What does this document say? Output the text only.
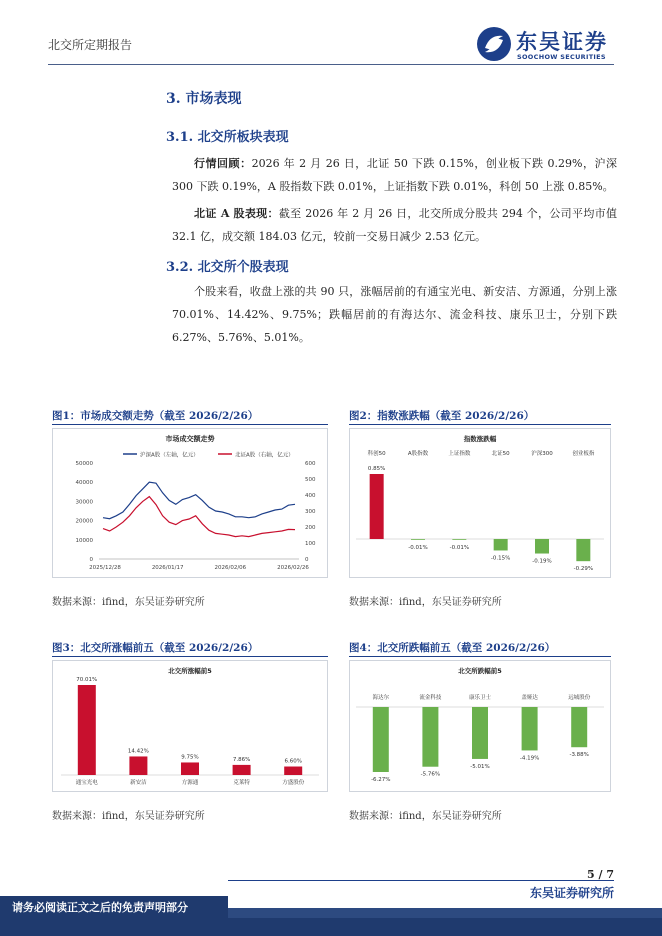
北交所定期报告	东吴证券
SOOCHOW SECURITIES
3. 市场表现
3.1. 北交所板块表现
行情回顾：2026 年 2 月 26 日，北证 50 下跌 0.15%，创业板下跌 0.29%，沪深 300 下跌 0.19%，A 股指数下跌 0.01%，上证指数下跌 0.01%，科创 50 上涨 0.85%。
北证 A 股表现：截至 2026 年 2 月 26 日，北交所成分股共 294 个，公司平均市值 32.1 亿，成交额 184.03 亿元，较前一交易日减少 2.53 亿元。
3.2. 北交所个股表现
个股来看，收盘上涨的共 90 只，涨幅居前的有通宝光电、新安洁、方源通，分别上涨 70.01%、14.42%、9.75%；跌幅居前的有海达尔、流金科技、康乐卫士，分别下跌 6.27%、5.76%、5.01%。
图1：市场成交额走势（截至 2026/2/26）
市场成交额走势
沪深A股（左轴，亿元）	北证A股（右轴，亿元）
50000
40000
30000
20000
10000
0
600
500
400
300
200
100
0
2025/12/28	2026/01/17	2026/02/06	2026/02/26
数据来源：ifind，东吴证券研究所
图2：指数涨跌幅（截至 2026/2/26）
指数涨跌幅
0.85%
科创50
-0.01%
A股指数
-0.01%
上证指数
-0.15%
北证50
-0.19%
沪深300
-0.29%
创业板指
数据来源：ifind，东吴证券研究所
图3：北交所涨幅前五（截至 2026/2/26）
北交所涨幅前5
70.01%
通宝光电
14.42%
新安洁
9.75%
方源通
7.86%
克莱特
6.60%
方盛股份
数据来源：ifind，东吴证券研究所
图4：北交所跌幅前五（截至 2026/2/26）
北交所跌幅前5
-6.27%
海达尔
-5.76%
流金科技
-5.01%
康乐卫士
-4.19%
盖娅达
-3.88%
远城股份
数据来源：ifind，东吴证券研究所
5 / 7
东吴证券研究所
请务必阅读正文之后的免责声明部分
